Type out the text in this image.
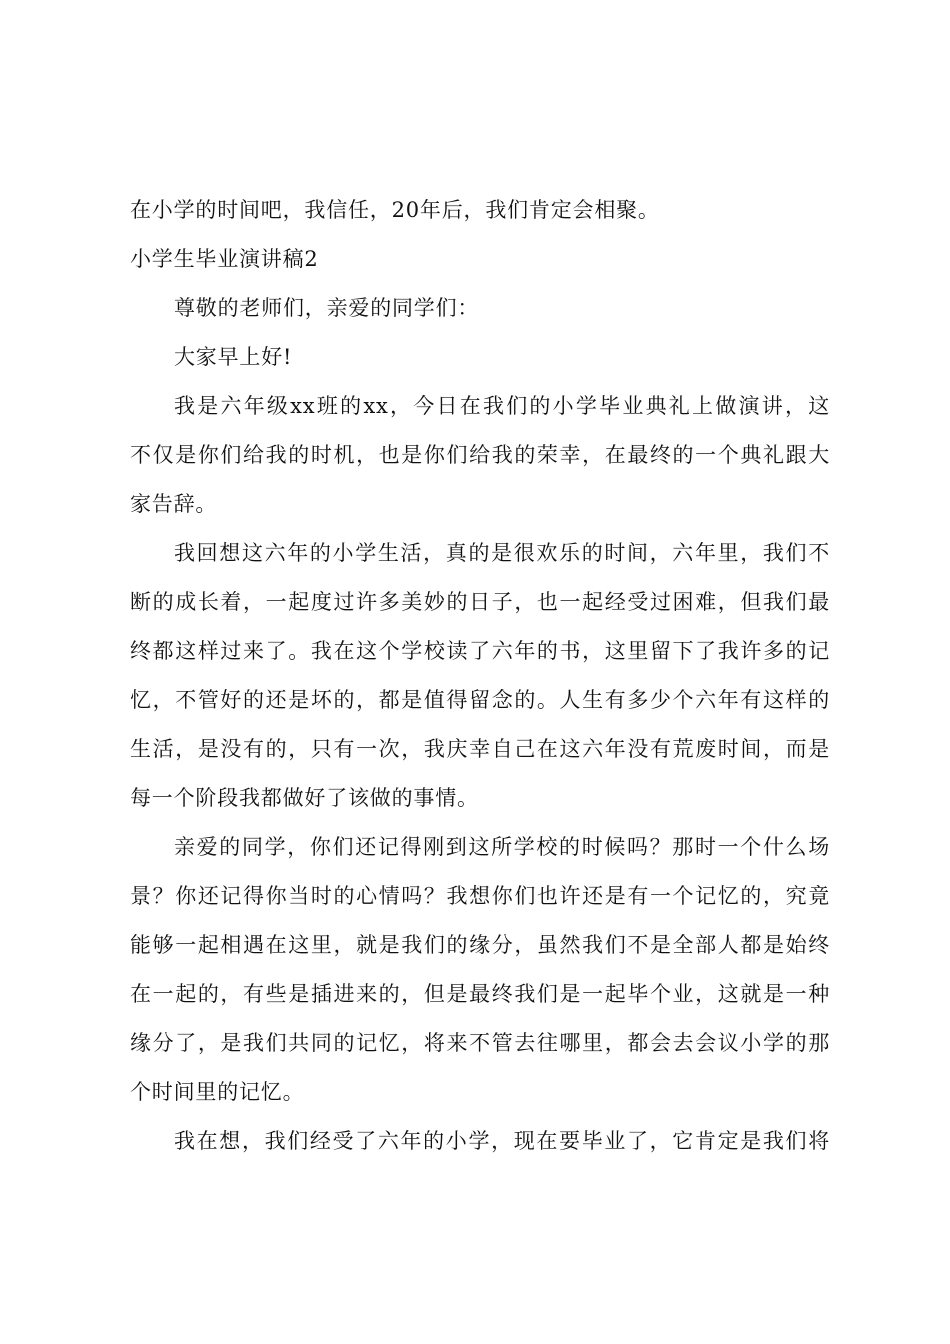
在小学的时间吧，我信任，20年后，我们肯定会相聚。
小学生毕业演讲稿2
尊敬的老师们，亲爱的同学们：
大家早上好!
我是六年级xx班的xx，今日在我们的小学毕业典礼上做演讲，这
不仅是你们给我的时机，也是你们给我的荣幸，在最终的一个典礼跟大
家告辞。
我回想这六年的小学生活，真的是很欢乐的时间，六年里，我们不
断的成长着，一起度过许多美妙的日子，也一起经受过困难，但我们最
终都这样过来了。我在这个学校读了六年的书，这里留下了我许多的记
忆，不管好的还是坏的，都是值得留念的。人生有多少个六年有这样的
生活，是没有的，只有一次，我庆幸自己在这六年没有荒废时间，而是
每一个阶段我都做好了该做的事情。
亲爱的同学，你们还记得刚到这所学校的时候吗？那时一个什么场
景？你还记得你当时的心情吗？我想你们也许还是有一个记忆的，究竟
能够一起相遇在这里，就是我们的缘分，虽然我们不是全部人都是始终
在一起的，有些是插进来的，但是最终我们是一起毕个业，这就是一种
缘分了，是我们共同的记忆，将来不管去往哪里，都会去会议小学的那
个时间里的记忆。
我在想，我们经受了六年的小学，现在要毕业了，它肯定是我们将
